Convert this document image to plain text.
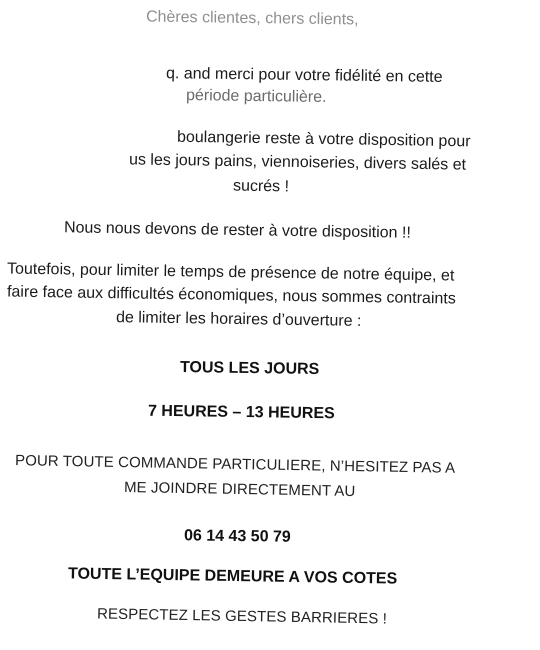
Chères clientes, chers clients,

q. and merci pour votre fidélité en cette

période particulière.

boulangerie reste à votre disposition pour

us les jours pains, viennoiseries, divers salés et

sucrés !

Nous nous devons de rester à votre disposition !!

Toutefois, pour limiter le temps de présence de notre équipe, et

faire face aux difficultés économiques, nous sommes contraints

de limiter les horaires d’ouverture :

TOUS LES JOURS

7 HEURES – 13 HEURES

POUR TOUTE COMMANDE PARTICULIERE, N’HESITEZ PAS A

ME JOINDRE DIRECTEMENT AU

06 14 43 50 79

TOUTE L’EQUIPE DEMEURE A VOS COTES

RESPECTEZ LES GESTES BARRIERES !
